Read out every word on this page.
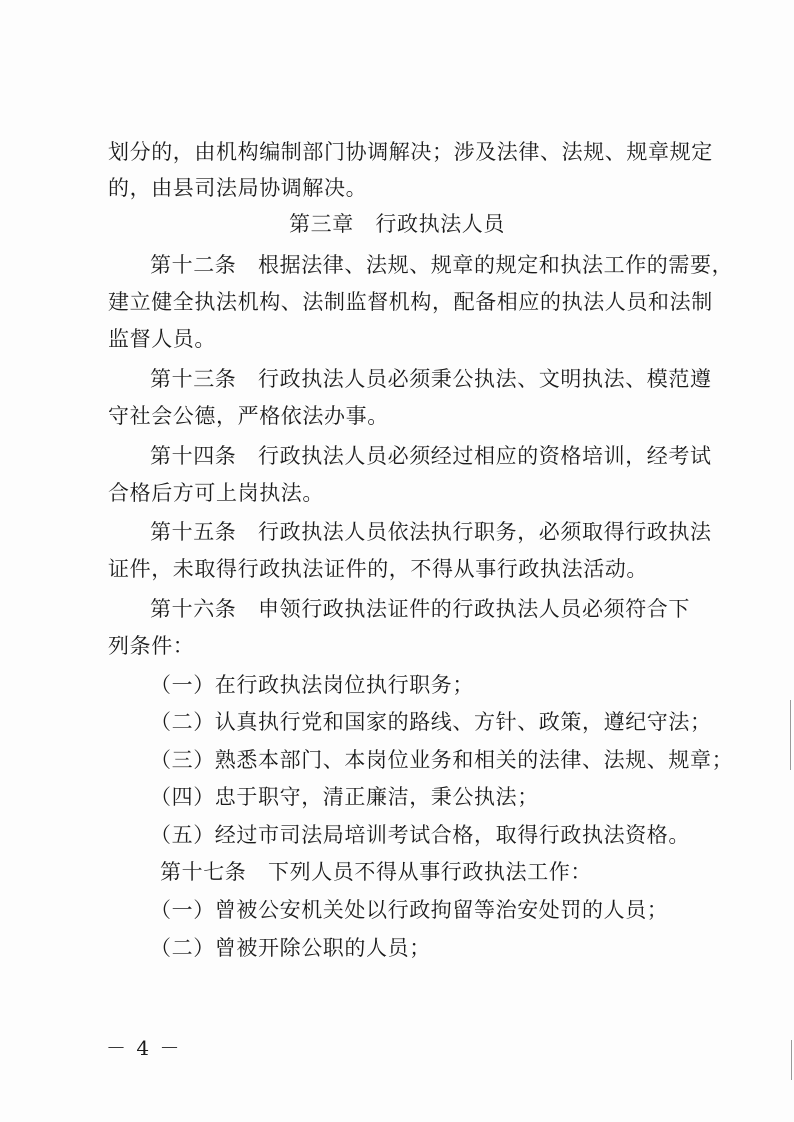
划分的，由机构编制部门协调解决；涉及法律、法规、规章规定
的，由县司法局协调解决。
第三章　行政执法人员
第十二条　根据法律、法规、规章的规定和执法工作的需要，
建立健全执法机构、法制监督机构，配备相应的执法人员和法制
监督人员。
第十三条　行政执法人员必须秉公执法、文明执法、模范遵
守社会公德，严格依法办事。
第十四条　行政执法人员必须经过相应的资格培训，经考试
合格后方可上岗执法。
第十五条　行政执法人员依法执行职务，必须取得行政执法
证件，未取得行政执法证件的，不得从事行政执法活动。
第十六条　申领行政执法证件的行政执法人员必须符合下
列条件：
（一）在行政执法岗位执行职务；
（二）认真执行党和国家的路线、方针、政策，遵纪守法；
（三）熟悉本部门、本岗位业务和相关的法律、法规、规章；
（四）忠于职守，清正廉洁，秉公执法；
（五）经过市司法局培训考试合格，取得行政执法资格。
第十七条　下列人员不得从事行政执法工作：
（一）曾被公安机关处以行政拘留等治安处罚的人员；
（二）曾被开除公职的人员；
－ 4 －
